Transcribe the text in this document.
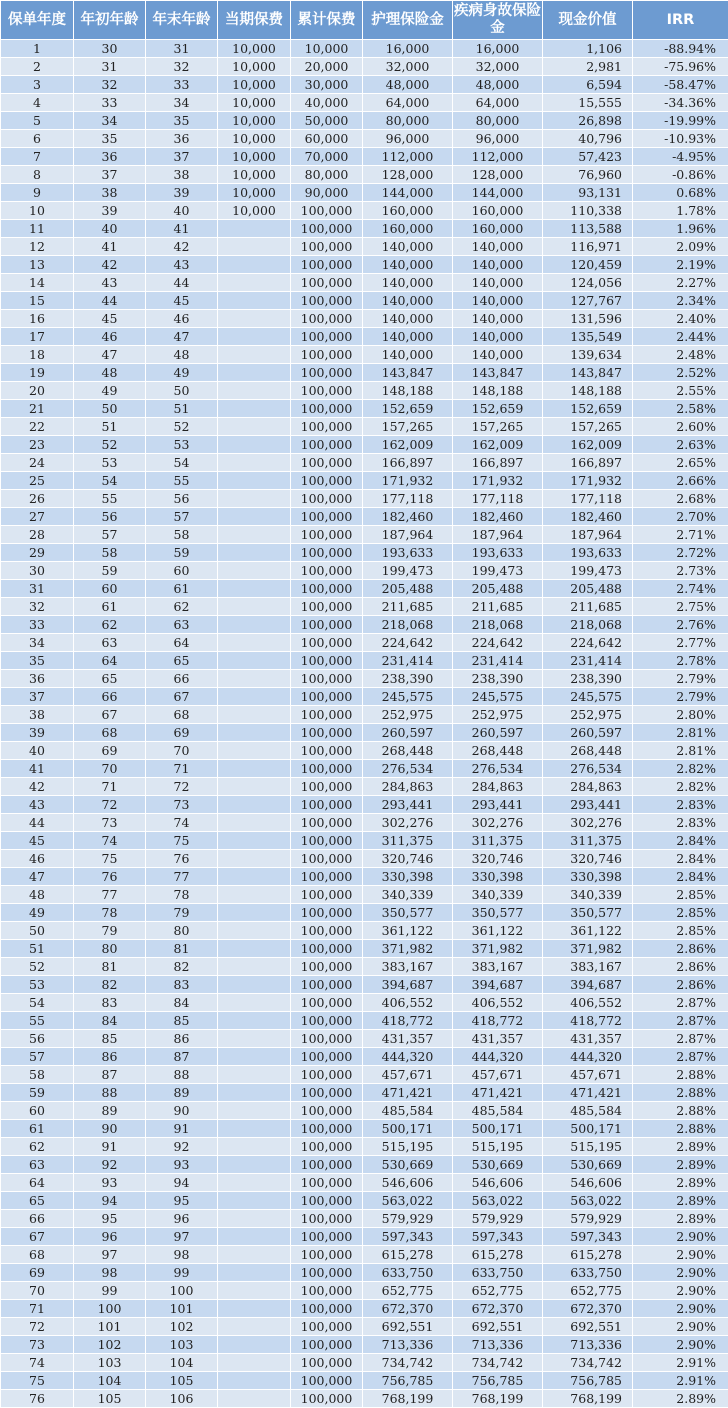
保单年度	年初年龄	年末年龄	当期保费	累计保费	护理保险金	疾病身故保险金	现金价值	IRR
1	30	31	10,000	10,000	16,000	16,000	1,106	-88.94%
2	31	32	10,000	20,000	32,000	32,000	2,981	-75.96%
3	32	33	10,000	30,000	48,000	48,000	6,594	-58.47%
4	33	34	10,000	40,000	64,000	64,000	15,555	-34.36%
5	34	35	10,000	50,000	80,000	80,000	26,898	-19.99%
6	35	36	10,000	60,000	96,000	96,000	40,796	-10.93%
7	36	37	10,000	70,000	112,000	112,000	57,423	-4.95%
8	37	38	10,000	80,000	128,000	128,000	76,960	-0.86%
9	38	39	10,000	90,000	144,000	144,000	93,131	0.68%
10	39	40	10,000	100,000	160,000	160,000	110,338	1.78%
11	40	41		100,000	160,000	160,000	113,588	1.96%
12	41	42		100,000	140,000	140,000	116,971	2.09%
13	42	43		100,000	140,000	140,000	120,459	2.19%
14	43	44		100,000	140,000	140,000	124,056	2.27%
15	44	45		100,000	140,000	140,000	127,767	2.34%
16	45	46		100,000	140,000	140,000	131,596	2.40%
17	46	47		100,000	140,000	140,000	135,549	2.44%
18	47	48		100,000	140,000	140,000	139,634	2.48%
19	48	49		100,000	143,847	143,847	143,847	2.52%
20	49	50		100,000	148,188	148,188	148,188	2.55%
21	50	51		100,000	152,659	152,659	152,659	2.58%
22	51	52		100,000	157,265	157,265	157,265	2.60%
23	52	53		100,000	162,009	162,009	162,009	2.63%
24	53	54		100,000	166,897	166,897	166,897	2.65%
25	54	55		100,000	171,932	171,932	171,932	2.66%
26	55	56		100,000	177,118	177,118	177,118	2.68%
27	56	57		100,000	182,460	182,460	182,460	2.70%
28	57	58		100,000	187,964	187,964	187,964	2.71%
29	58	59		100,000	193,633	193,633	193,633	2.72%
30	59	60		100,000	199,473	199,473	199,473	2.73%
31	60	61		100,000	205,488	205,488	205,488	2.74%
32	61	62		100,000	211,685	211,685	211,685	2.75%
33	62	63		100,000	218,068	218,068	218,068	2.76%
34	63	64		100,000	224,642	224,642	224,642	2.77%
35	64	65		100,000	231,414	231,414	231,414	2.78%
36	65	66		100,000	238,390	238,390	238,390	2.79%
37	66	67		100,000	245,575	245,575	245,575	2.79%
38	67	68		100,000	252,975	252,975	252,975	2.80%
39	68	69		100,000	260,597	260,597	260,597	2.81%
40	69	70		100,000	268,448	268,448	268,448	2.81%
41	70	71		100,000	276,534	276,534	276,534	2.82%
42	71	72		100,000	284,863	284,863	284,863	2.82%
43	72	73		100,000	293,441	293,441	293,441	2.83%
44	73	74		100,000	302,276	302,276	302,276	2.83%
45	74	75		100,000	311,375	311,375	311,375	2.84%
46	75	76		100,000	320,746	320,746	320,746	2.84%
47	76	77		100,000	330,398	330,398	330,398	2.84%
48	77	78		100,000	340,339	340,339	340,339	2.85%
49	78	79		100,000	350,577	350,577	350,577	2.85%
50	79	80		100,000	361,122	361,122	361,122	2.85%
51	80	81		100,000	371,982	371,982	371,982	2.86%
52	81	82		100,000	383,167	383,167	383,167	2.86%
53	82	83		100,000	394,687	394,687	394,687	2.86%
54	83	84		100,000	406,552	406,552	406,552	2.87%
55	84	85		100,000	418,772	418,772	418,772	2.87%
56	85	86		100,000	431,357	431,357	431,357	2.87%
57	86	87		100,000	444,320	444,320	444,320	2.87%
58	87	88		100,000	457,671	457,671	457,671	2.88%
59	88	89		100,000	471,421	471,421	471,421	2.88%
60	89	90		100,000	485,584	485,584	485,584	2.88%
61	90	91		100,000	500,171	500,171	500,171	2.88%
62	91	92		100,000	515,195	515,195	515,195	2.89%
63	92	93		100,000	530,669	530,669	530,669	2.89%
64	93	94		100,000	546,606	546,606	546,606	2.89%
65	94	95		100,000	563,022	563,022	563,022	2.89%
66	95	96		100,000	579,929	579,929	579,929	2.89%
67	96	97		100,000	597,343	597,343	597,343	2.90%
68	97	98		100,000	615,278	615,278	615,278	2.90%
69	98	99		100,000	633,750	633,750	633,750	2.90%
70	99	100		100,000	652,775	652,775	652,775	2.90%
71	100	101		100,000	672,370	672,370	672,370	2.90%
72	101	102		100,000	692,551	692,551	692,551	2.90%
73	102	103		100,000	713,336	713,336	713,336	2.90%
74	103	104		100,000	734,742	734,742	734,742	2.91%
75	104	105		100,000	756,785	756,785	756,785	2.91%
76	105	106		100,000	768,199	768,199	768,199	2.89%
